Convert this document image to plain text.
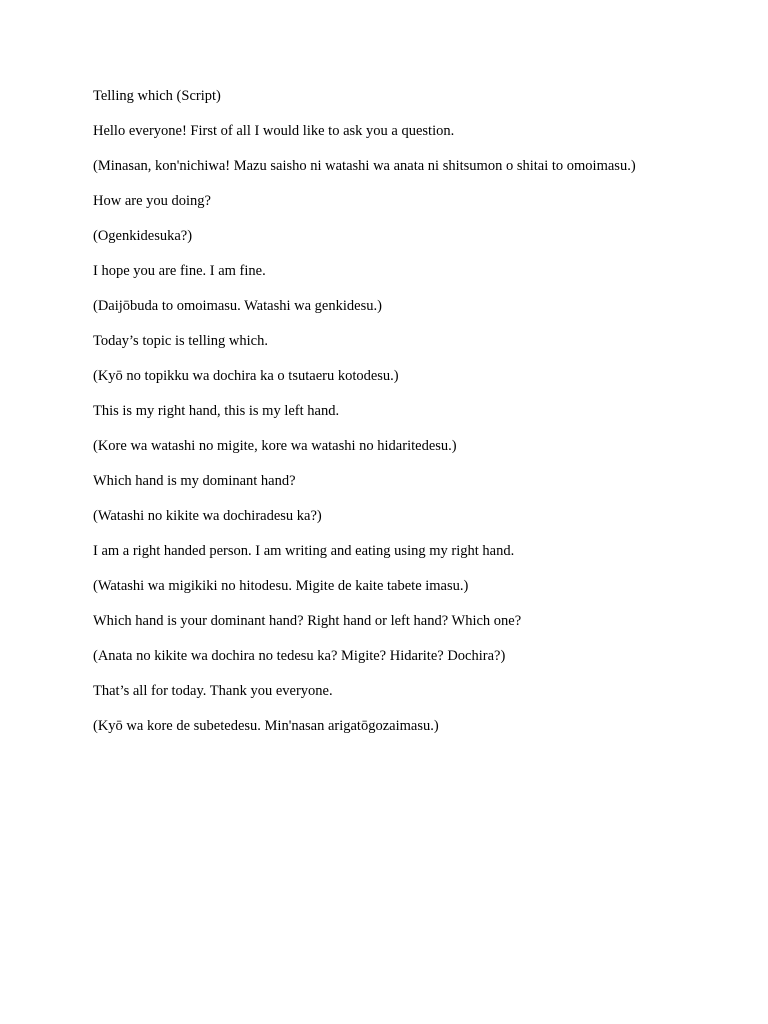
Telling which (Script)
Hello everyone! First of all I would like to ask you a question.
(Minasan, kon'nichiwa! Mazu saisho ni watashi wa anata ni shitsumon o shitai to omoimasu.)
How are you doing?
(Ogenkidesuka?)
I hope you are fine. I am fine.
(Daijōbuda to omoimasu. Watashi wa genkidesu.)
Today’s topic is telling which.
(Kyō no topikku wa dochira ka o tsutaeru kotodesu.)
This is my right hand, this is my left hand.
(Kore wa watashi no migite, kore wa watashi no hidaritedesu.)
Which hand is my dominant hand?
(Watashi no kikite wa dochiradesu ka?)
I am a right handed person. I am writing and eating using my right hand.
(Watashi wa migikiki no hitodesu. Migite de kaite tabete imasu.)
Which hand is your dominant hand? Right hand or left hand? Which one?
(Anata no kikite wa dochira no tedesu ka? Migite? Hidarite? Dochira?)
That’s all for today. Thank you everyone.
(Kyō wa kore de subetedesu. Min'nasan arigatōgozaimasu.)
